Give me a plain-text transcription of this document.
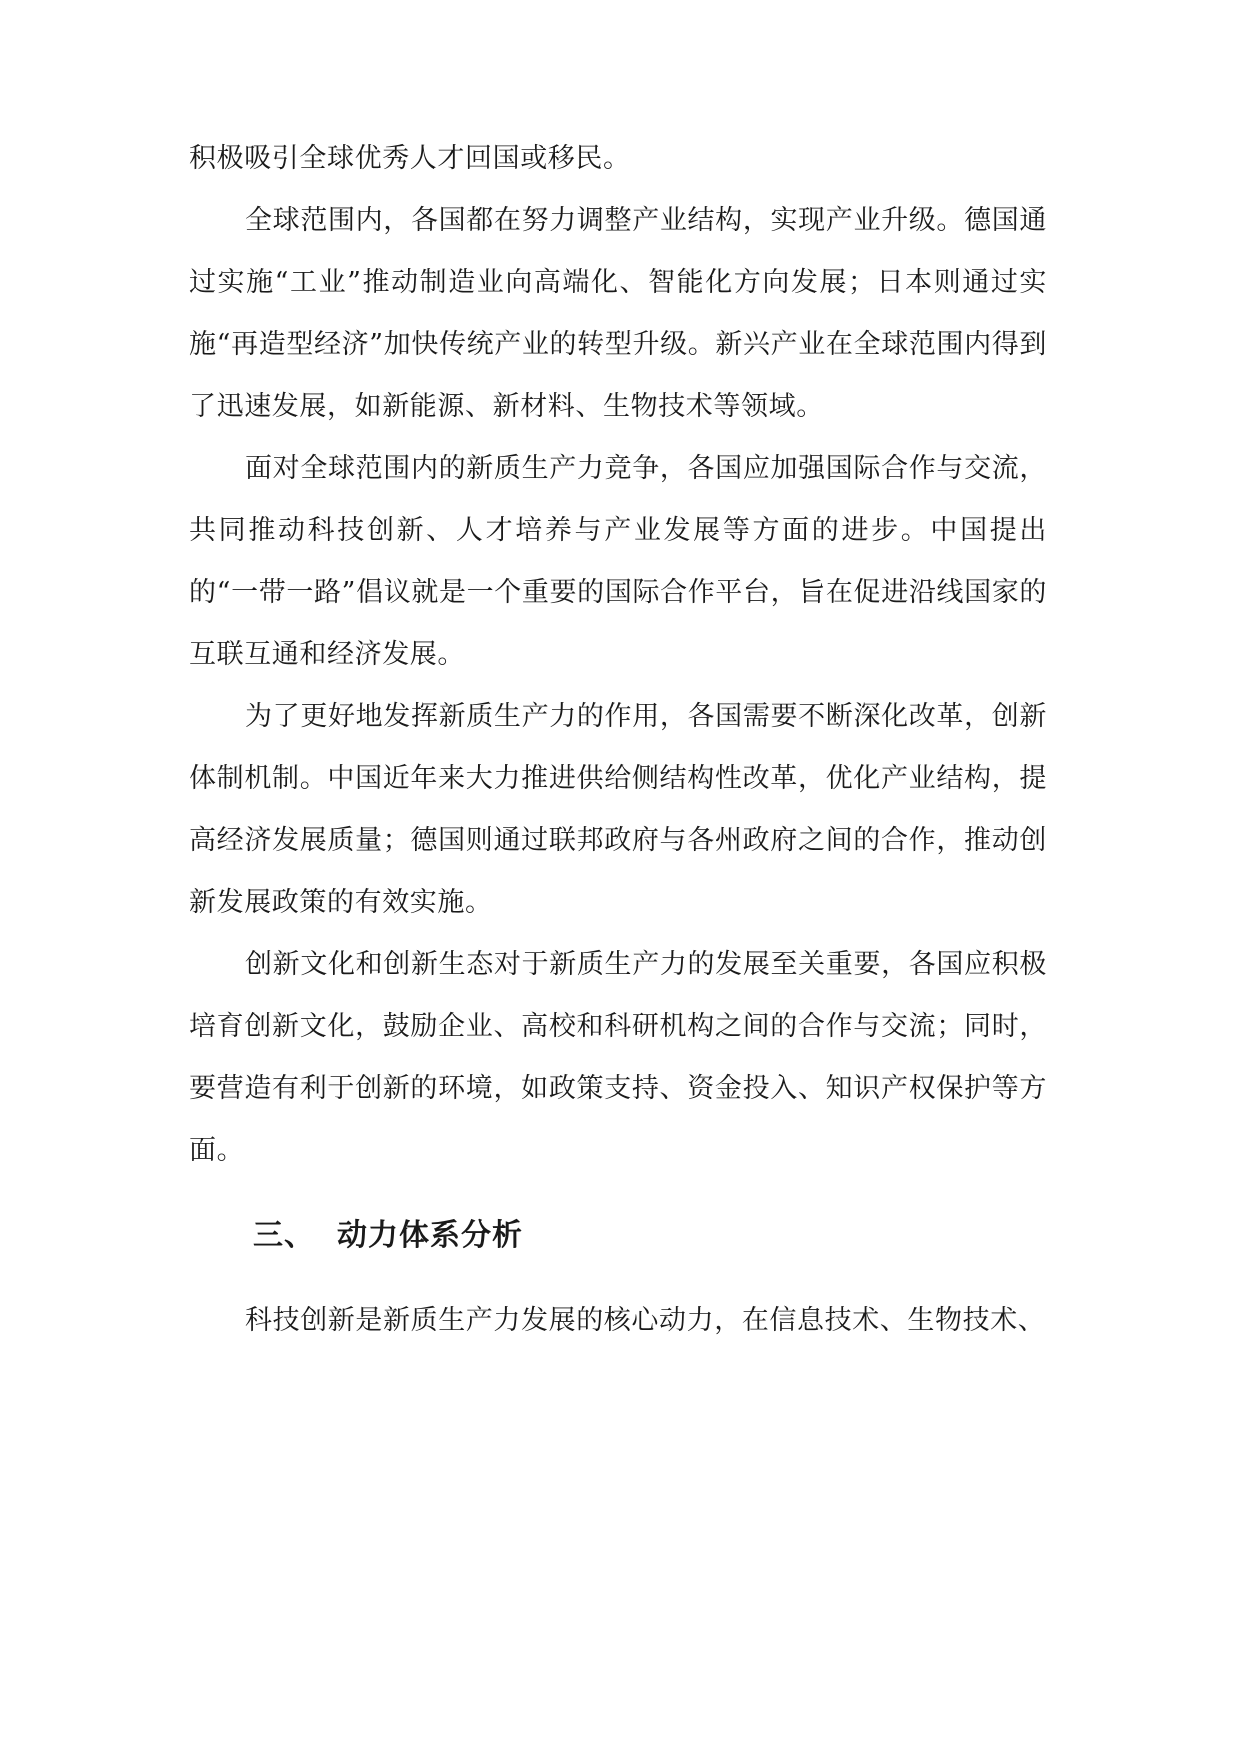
积极吸引全球优秀人才回国或移民。

全球范围内，各国都在努力调整产业结构，实现产业升级。德国通过实施“工业”推动制造业向高端化、智能化方向发展；日本则通过实施“再造型经济”加快传统产业的转型升级。新兴产业在全球范围内得到了迅速发展，如新能源、新材料、生物技术等领域。

面对全球范围内的新质生产力竞争，各国应加强国际合作与交流，共同推动科技创新、人才培养与产业发展等方面的进步。中国提出的“一带一路”倡议就是一个重要的国际合作平台，旨在促进沿线国家的互联互通和经济发展。

为了更好地发挥新质生产力的作用，各国需要不断深化改革，创新体制机制。中国近年来大力推进供给侧结构性改革，优化产业结构，提高经济发展质量；德国则通过联邦政府与各州政府之间的合作，推动创新发展政策的有效实施。

创新文化和创新生态对于新质生产力的发展至关重要，各国应积极培育创新文化，鼓励企业、高校和科研机构之间的合作与交流；同时，要营造有利于创新的环境，如政策支持、资金投入、知识产权保护等方面。

三、 动力体系分析

科技创新是新质生产力发展的核心动力，在信息技术、生物技术、
